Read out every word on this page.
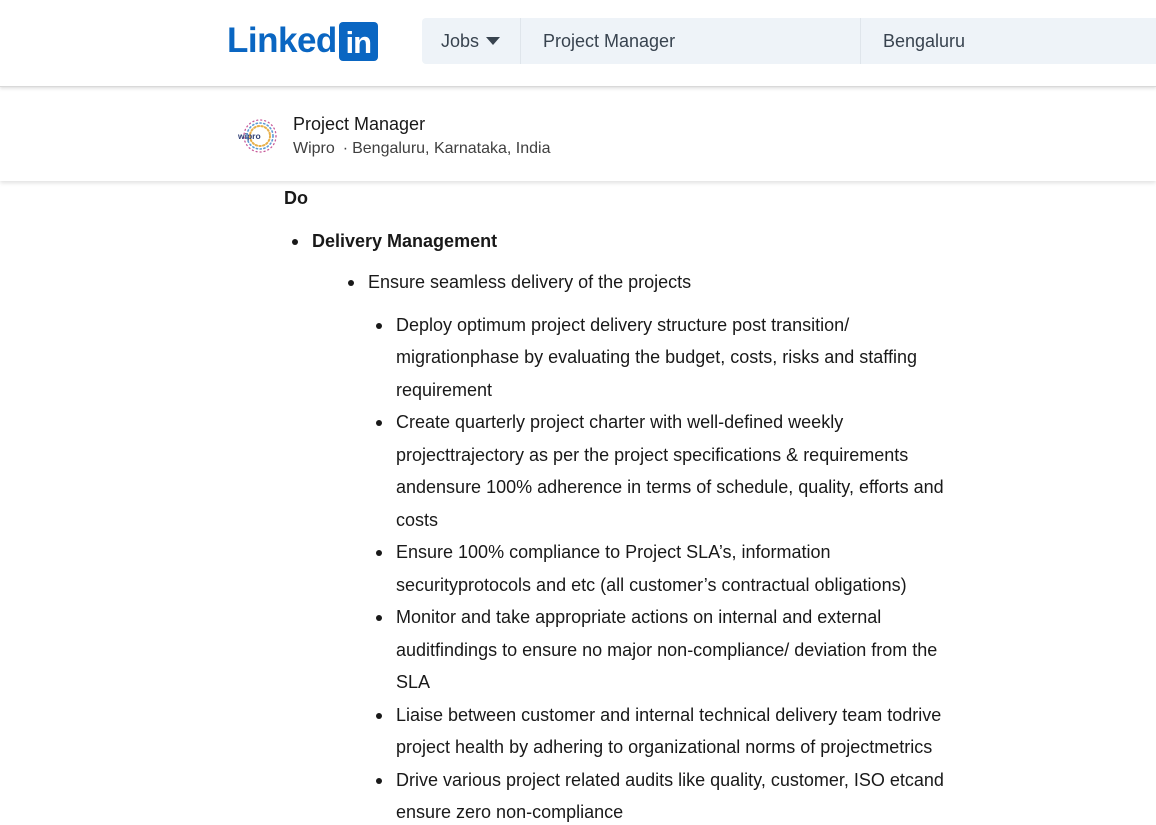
Linked in	Jobs
Project Manager
Bengaluru
wipro
Project Manager
Wipro · Bengaluru, Karnataka, India
Do
Delivery Management
Ensure seamless delivery of the projects
Deploy optimum project delivery structure post transition/ migrationphase by evaluating the budget, costs, risks and staffing requirement
Create quarterly project charter with well-defined weekly projecttrajectory as per the project specifications & requirements andensure 100% adherence in terms of schedule, quality, efforts and costs
Ensure 100% compliance to Project SLA’s, information securityprotocols and etc (all customer’s contractual obligations)
Monitor and take appropriate actions on internal and external auditfindings to ensure no major non-compliance/ deviation from the SLA
Liaise between customer and internal technical delivery team todrive project health by adhering to organizational norms of projectmetrics
Drive various project related audits like quality, customer, ISO etcand ensure zero non-compliance
